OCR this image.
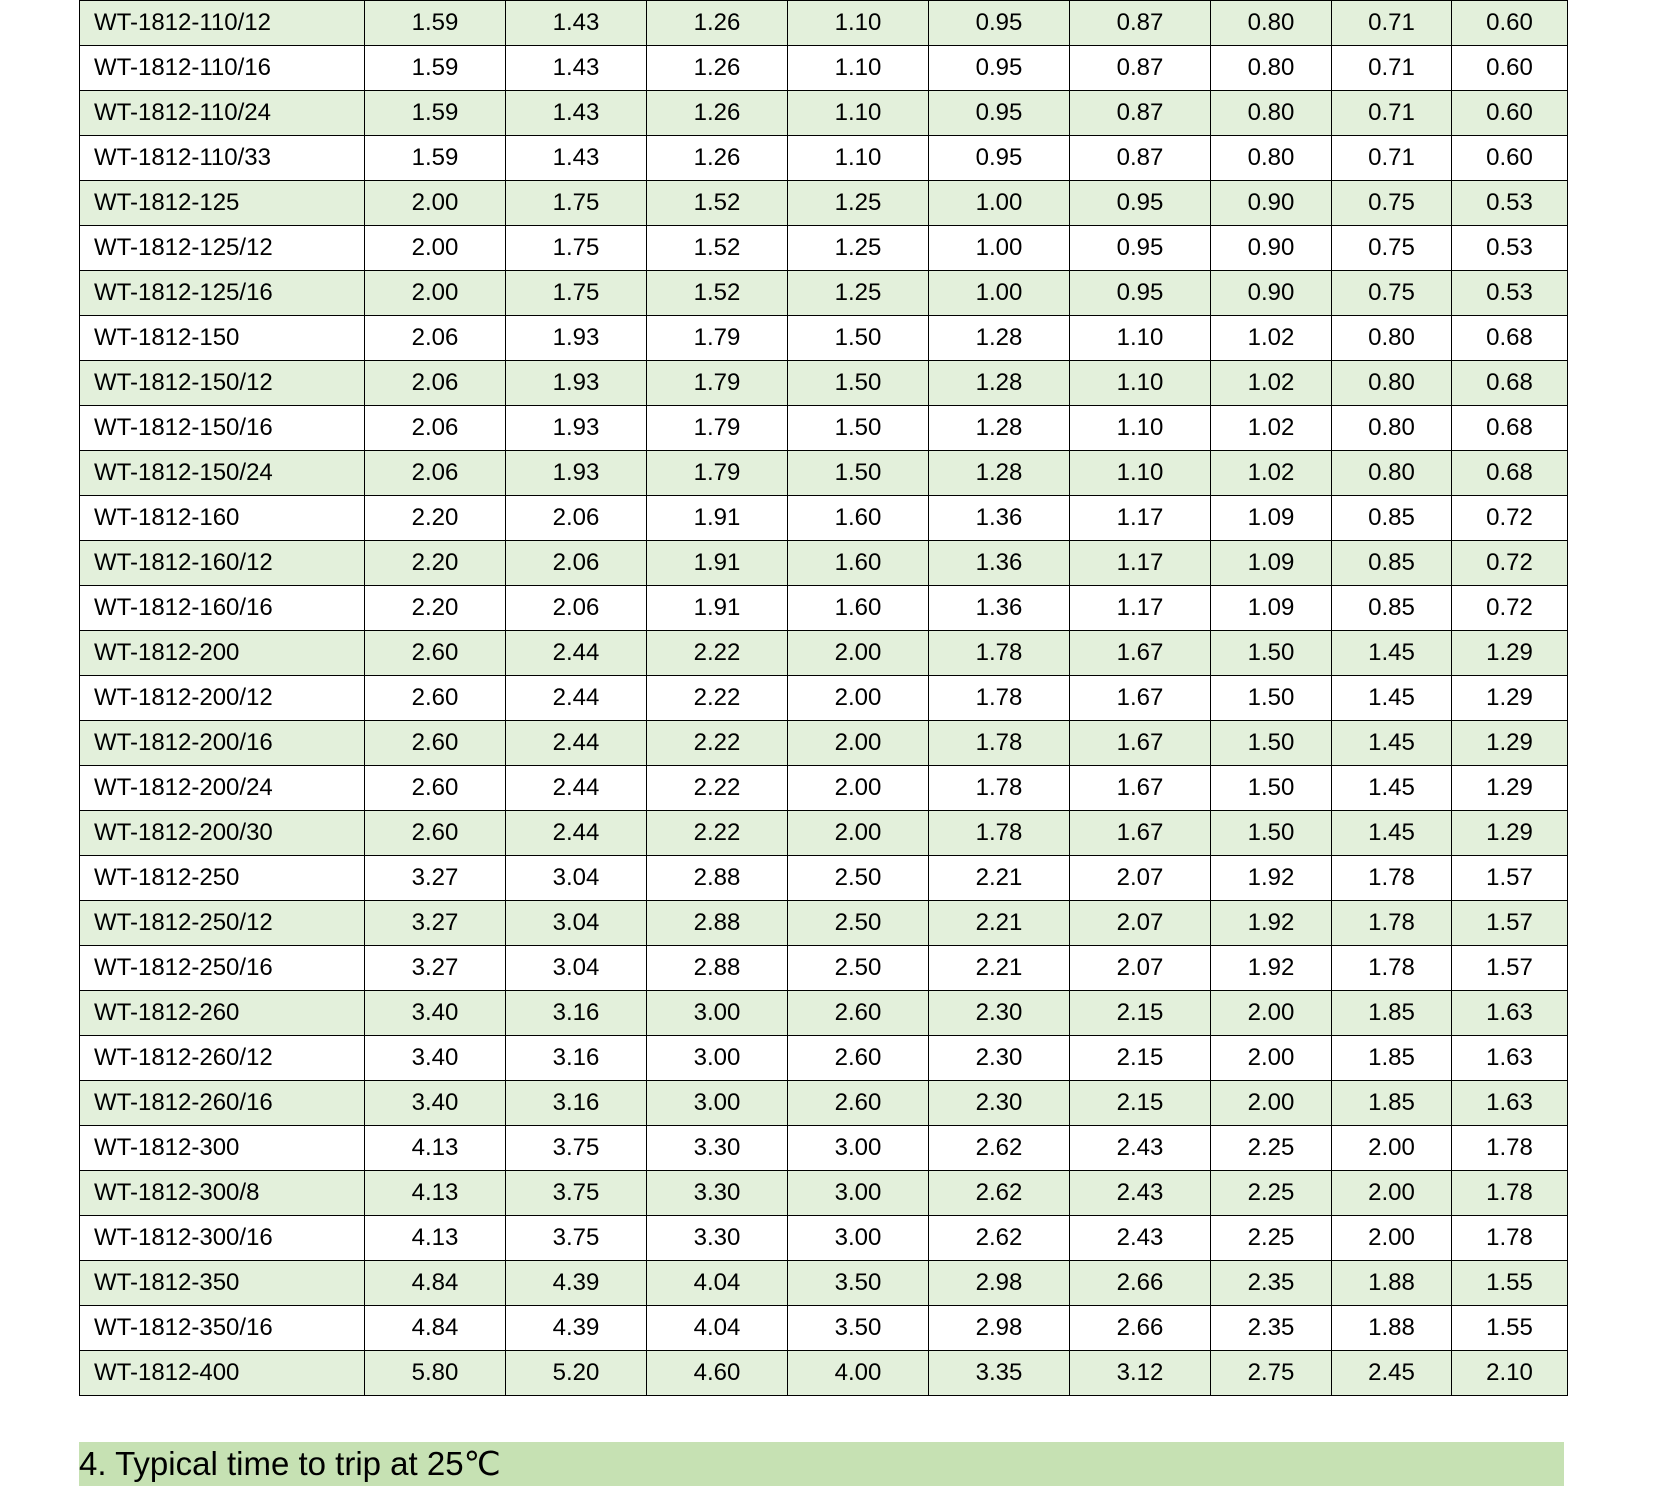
WT-1812-110/12	1.59	1.43	1.26	1.10	0.95	0.87	0.80	0.71	0.60
WT-1812-110/16	1.59	1.43	1.26	1.10	0.95	0.87	0.80	0.71	0.60
WT-1812-110/24	1.59	1.43	1.26	1.10	0.95	0.87	0.80	0.71	0.60
WT-1812-110/33	1.59	1.43	1.26	1.10	0.95	0.87	0.80	0.71	0.60
WT-1812-125	2.00	1.75	1.52	1.25	1.00	0.95	0.90	0.75	0.53
WT-1812-125/12	2.00	1.75	1.52	1.25	1.00	0.95	0.90	0.75	0.53
WT-1812-125/16	2.00	1.75	1.52	1.25	1.00	0.95	0.90	0.75	0.53
WT-1812-150	2.06	1.93	1.79	1.50	1.28	1.10	1.02	0.80	0.68
WT-1812-150/12	2.06	1.93	1.79	1.50	1.28	1.10	1.02	0.80	0.68
WT-1812-150/16	2.06	1.93	1.79	1.50	1.28	1.10	1.02	0.80	0.68
WT-1812-150/24	2.06	1.93	1.79	1.50	1.28	1.10	1.02	0.80	0.68
WT-1812-160	2.20	2.06	1.91	1.60	1.36	1.17	1.09	0.85	0.72
WT-1812-160/12	2.20	2.06	1.91	1.60	1.36	1.17	1.09	0.85	0.72
WT-1812-160/16	2.20	2.06	1.91	1.60	1.36	1.17	1.09	0.85	0.72
WT-1812-200	2.60	2.44	2.22	2.00	1.78	1.67	1.50	1.45	1.29
WT-1812-200/12	2.60	2.44	2.22	2.00	1.78	1.67	1.50	1.45	1.29
WT-1812-200/16	2.60	2.44	2.22	2.00	1.78	1.67	1.50	1.45	1.29
WT-1812-200/24	2.60	2.44	2.22	2.00	1.78	1.67	1.50	1.45	1.29
WT-1812-200/30	2.60	2.44	2.22	2.00	1.78	1.67	1.50	1.45	1.29
WT-1812-250	3.27	3.04	2.88	2.50	2.21	2.07	1.92	1.78	1.57
WT-1812-250/12	3.27	3.04	2.88	2.50	2.21	2.07	1.92	1.78	1.57
WT-1812-250/16	3.27	3.04	2.88	2.50	2.21	2.07	1.92	1.78	1.57
WT-1812-260	3.40	3.16	3.00	2.60	2.30	2.15	2.00	1.85	1.63
WT-1812-260/12	3.40	3.16	3.00	2.60	2.30	2.15	2.00	1.85	1.63
WT-1812-260/16	3.40	3.16	3.00	2.60	2.30	2.15	2.00	1.85	1.63
WT-1812-300	4.13	3.75	3.30	3.00	2.62	2.43	2.25	2.00	1.78
WT-1812-300/8	4.13	3.75	3.30	3.00	2.62	2.43	2.25	2.00	1.78
WT-1812-300/16	4.13	3.75	3.30	3.00	2.62	2.43	2.25	2.00	1.78
WT-1812-350	4.84	4.39	4.04	3.50	2.98	2.66	2.35	1.88	1.55
WT-1812-350/16	4.84	4.39	4.04	3.50	2.98	2.66	2.35	1.88	1.55
WT-1812-400	5.80	5.20	4.60	4.00	3.35	3.12	2.75	2.45	2.10
4. Typical time to trip at 25℃
